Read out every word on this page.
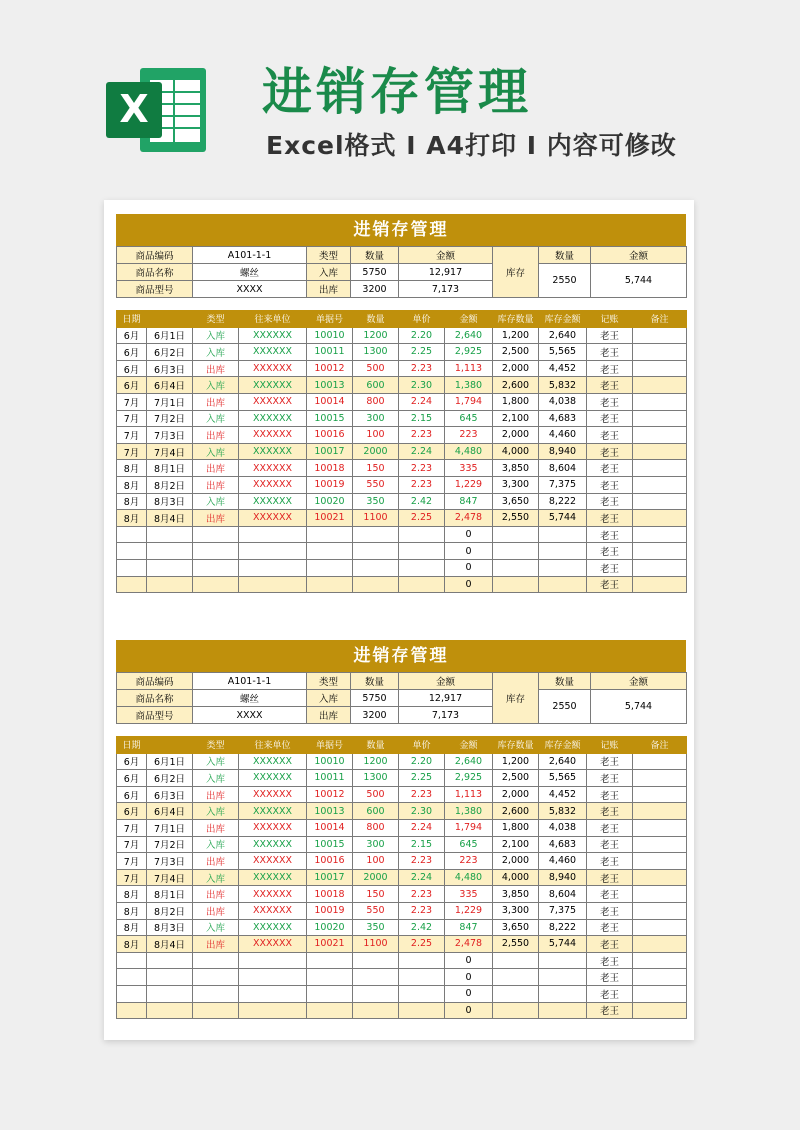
X 进销存管理
Excel格式 I A4打印 I 内容可修改
进销存管理
商品编码	A101-1-1	类型	数量	金额	库存	数量	金额
商品名称	螺丝	入库	5750	12,917		2550	5,744
商品型号	XXXX	出库	3200	7,173			
日期		类型	往来单位	单据号	数量	单价	金额	库存数量	库存金额	记账	备注
6月	6月1日	入库	XXXXXX	10010	1200	2.20	2,640	1,200	2,640	老王	
6月	6月2日	入库	XXXXXX	10011	1300	2.25	2,925	2,500	5,565	老王	
6月	6月3日	出库	XXXXXX	10012	500	2.23	1,113	2,000	4,452	老王	
6月	6月4日	入库	XXXXXX	10013	600	2.30	1,380	2,600	5,832	老王	
7月	7月1日	出库	XXXXXX	10014	800	2.24	1,794	1,800	4,038	老王	
7月	7月2日	入库	XXXXXX	10015	300	2.15	645	2,100	4,683	老王	
7月	7月3日	出库	XXXXXX	10016	100	2.23	223	2,000	4,460	老王	
7月	7月4日	入库	XXXXXX	10017	2000	2.24	4,480	4,000	8,940	老王	
8月	8月1日	出库	XXXXXX	10018	150	2.23	335	3,850	8,604	老王	
8月	8月2日	出库	XXXXXX	10019	550	2.23	1,229	3,300	7,375	老王	
8月	8月3日	入库	XXXXXX	10020	350	2.42	847	3,650	8,222	老王	
8月	8月4日	出库	XXXXXX	10021	1100	2.25	2,478	2,550	5,744	老王	
							0			老王	
							0			老王	
							0			老王	
							0			老王	
进销存管理
商品编码	A101-1-1	类型	数量	金额	库存	数量	金额
商品名称	螺丝	入库	5750	12,917		2550	5,744
商品型号	XXXX	出库	3200	7,173			
日期		类型	往来单位	单据号	数量	单价	金额	库存数量	库存金额	记账	备注
6月	6月1日	入库	XXXXXX	10010	1200	2.20	2,640	1,200	2,640	老王	
6月	6月2日	入库	XXXXXX	10011	1300	2.25	2,925	2,500	5,565	老王	
6月	6月3日	出库	XXXXXX	10012	500	2.23	1,113	2,000	4,452	老王	
6月	6月4日	入库	XXXXXX	10013	600	2.30	1,380	2,600	5,832	老王	
7月	7月1日	出库	XXXXXX	10014	800	2.24	1,794	1,800	4,038	老王	
7月	7月2日	入库	XXXXXX	10015	300	2.15	645	2,100	4,683	老王	
7月	7月3日	出库	XXXXXX	10016	100	2.23	223	2,000	4,460	老王	
7月	7月4日	入库	XXXXXX	10017	2000	2.24	4,480	4,000	8,940	老王	
8月	8月1日	出库	XXXXXX	10018	150	2.23	335	3,850	8,604	老王	
8月	8月2日	出库	XXXXXX	10019	550	2.23	1,229	3,300	7,375	老王	
8月	8月3日	入库	XXXXXX	10020	350	2.42	847	3,650	8,222	老王	
8月	8月4日	出库	XXXXXX	10021	1100	2.25	2,478	2,550	5,744	老王	
							0			老王	
							0			老王	
							0			老王	
							0			老王	
